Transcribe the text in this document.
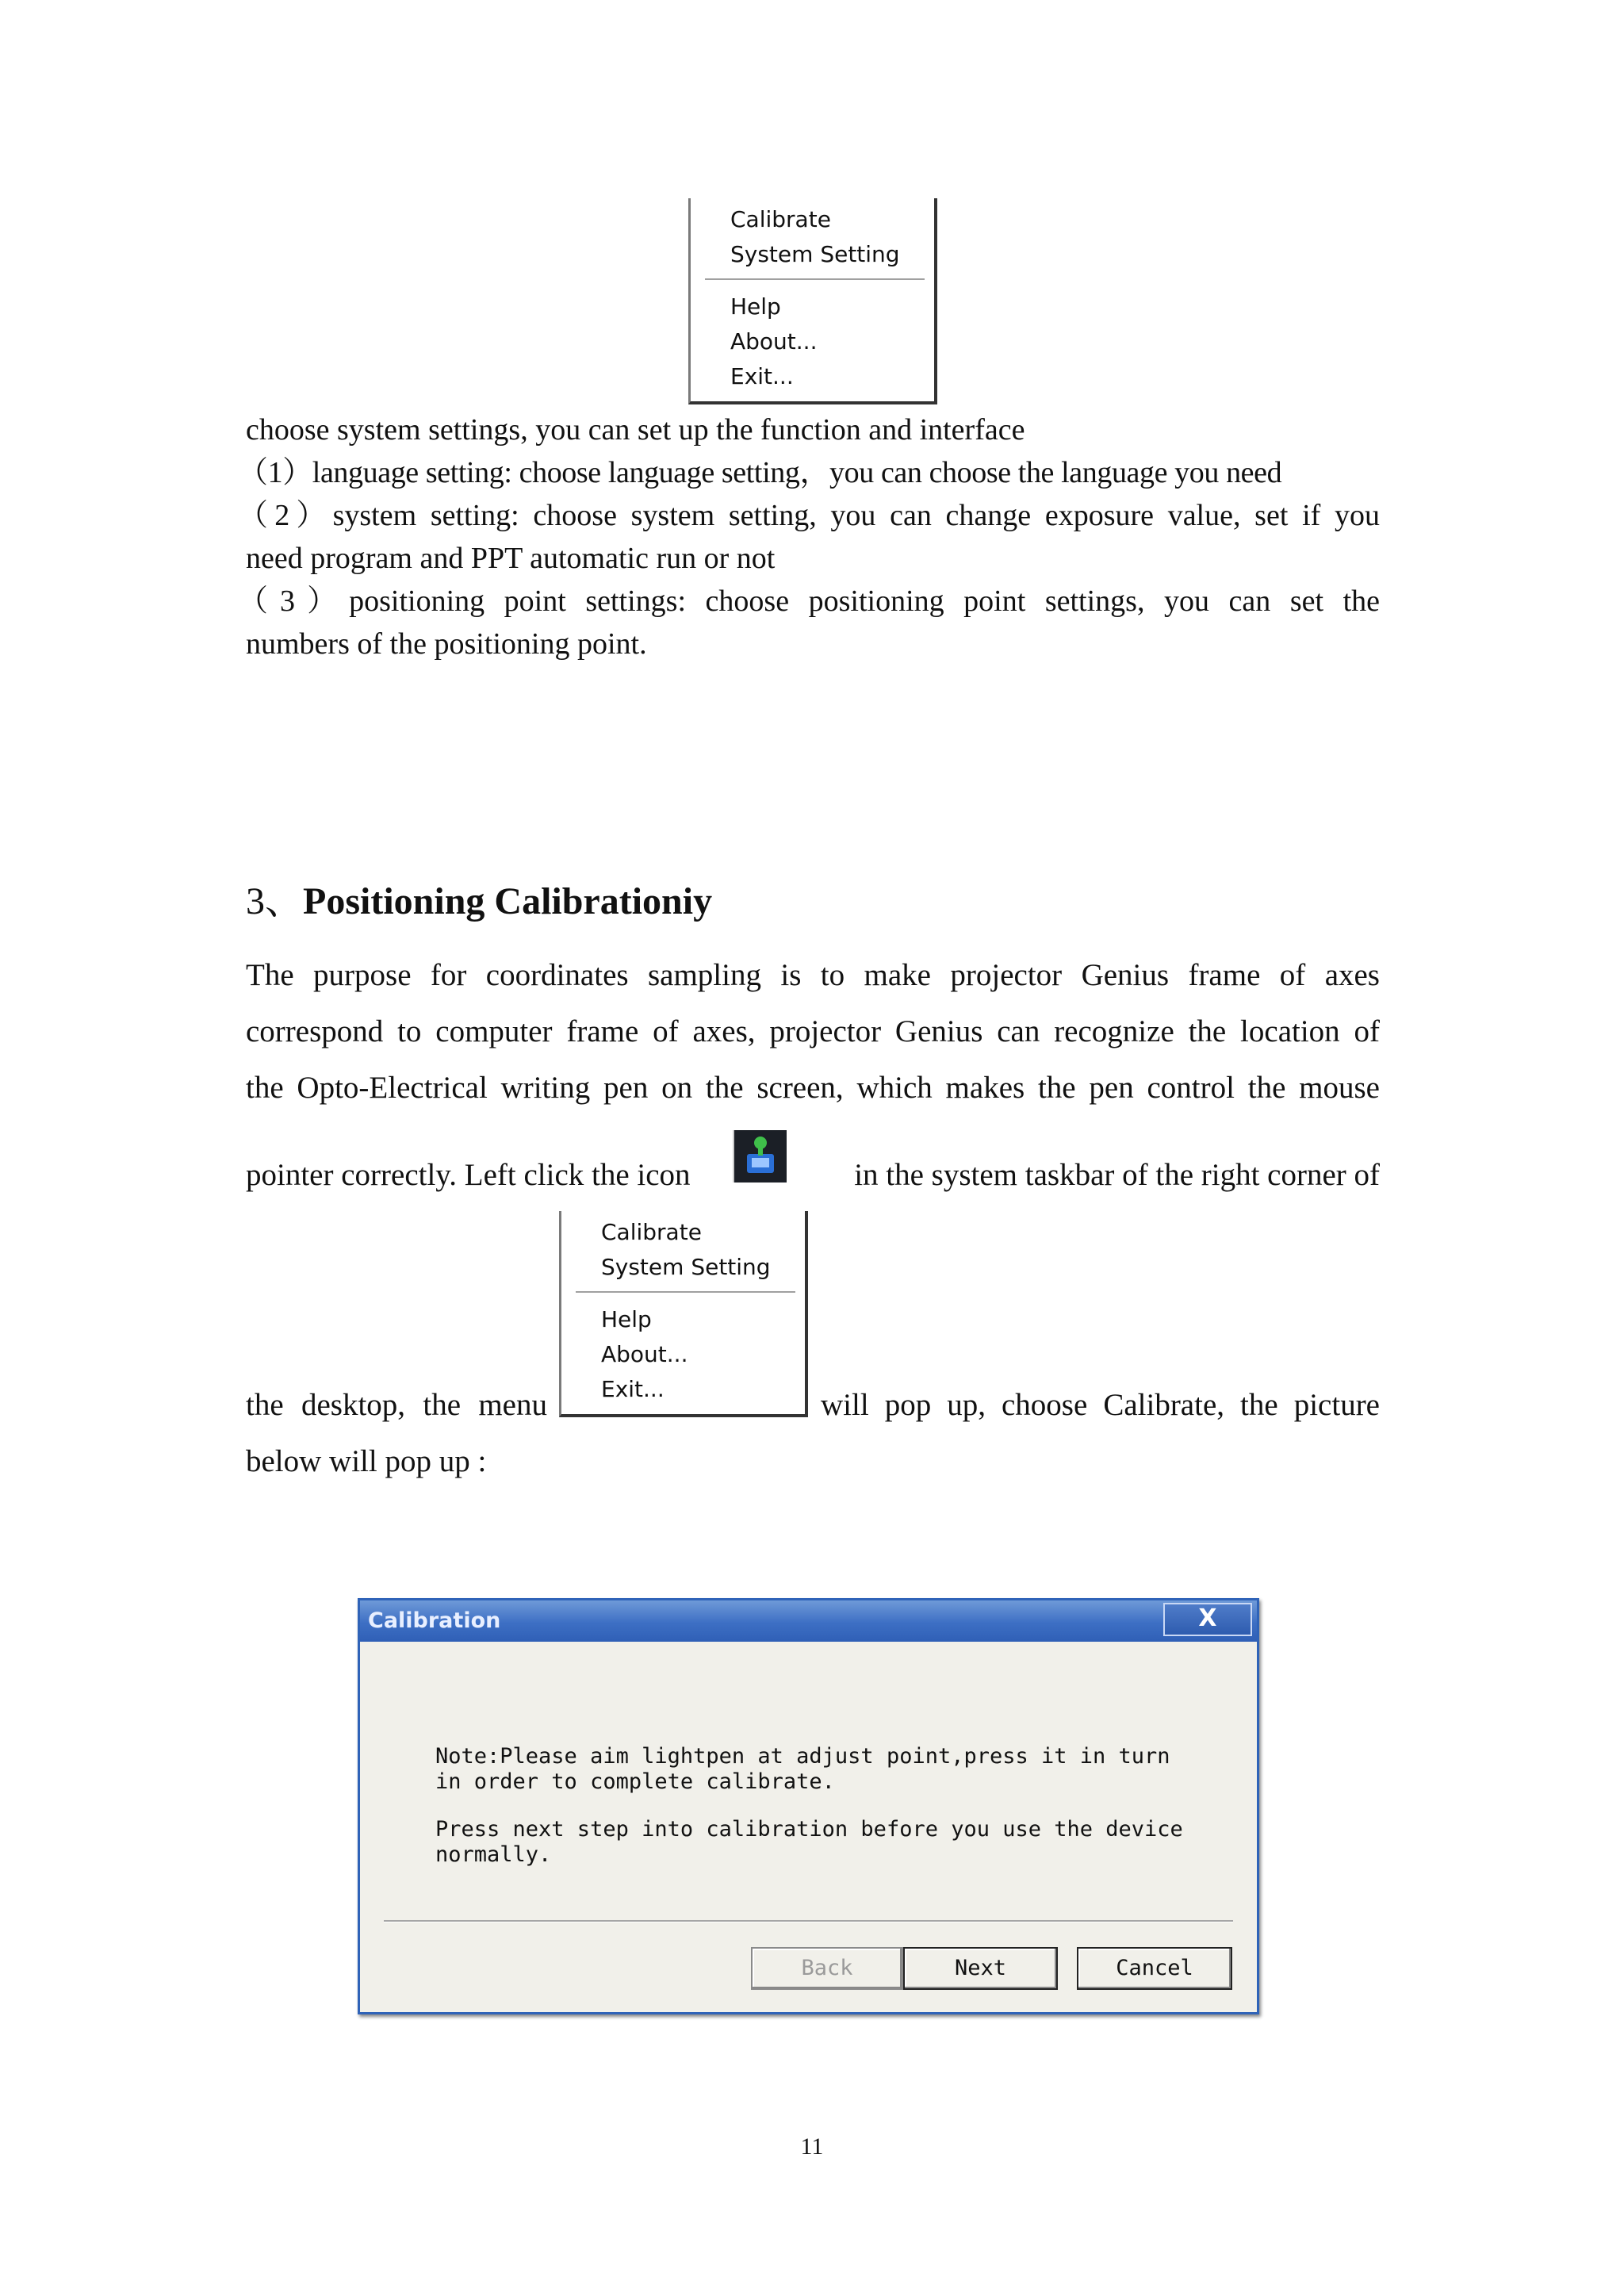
Calibrate
System Setting
Help
About...
Exit...
choose system settings, you can set up the function and interface
（1）language setting: choose language setting，you can choose the language you need
（2）system setting: choose system setting, you can change exposure value, set if you
need program and PPT automatic run or not
（3）positioning point settings: choose positioning point settings, you can set the
numbers of the positioning point.
3、Positioning Calibrationiy
The purpose for coordinates sampling is to make projector Genius frame of axes
correspond to computer frame of axes, projector Genius can recognize the location of
the Opto-Electrical writing pen on the screen, which makes the pen control the mouse
pointer correctly. Left click the icon	in the system taskbar of the right corner of
Calibrate
System Setting
Help
About...
Exit...
the desktop, the menu	will pop up, choose Calibrate, the picture
below will pop up :
Calibration	X
Note:Please aim lightpen at adjust point,press it in turn
in order to complete calibrate.
Press next step into calibration before you use the device
normally.
Back	Next	Cancel
11
